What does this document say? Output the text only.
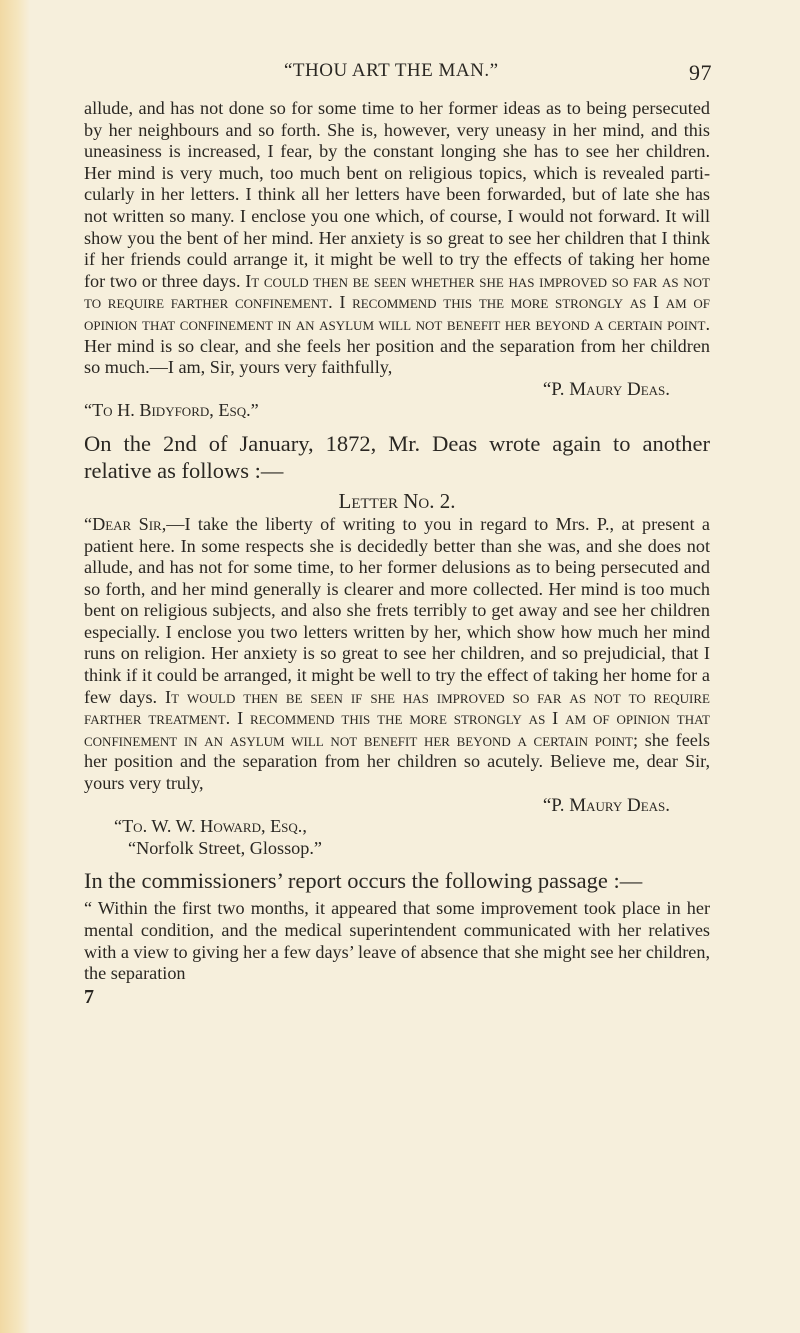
“THOU ART THE MAN.”	97

allude, and has not done so for some time to her former ideas as to being persecuted by her neighbours and so forth. She is, however, very uneasy in her mind, and this uneasiness is increased, I fear, by the constant longing she has to see her children. Her mind is very much, too much bent on religious topics, which is revealed parti-cularly in her letters. I think all her letters have been forwarded, but of late she has not written so many. I enclose you one which, of course, I would not forward. It will show you the bent of her mind. Her anxiety is so great to see her children that I think if her friends could arrange it, it might be well to try the effects of taking her home for two or three days. It could then be seen whether she has improved so far as not to require farther confinement. I recommend this the more strongly as I am of opinion that confinement in an asylum will not benefit her beyond a certain point. Her mind is so clear, and she feels her position and the separation from her children so much.—I am, Sir, yours very faithfully,

“P. Maury Deas.

“To H. Bidyford, Esq.”

On the 2nd of January, 1872, Mr. Deas wrote again to another relative as follows :—

Letter No. 2.

“Dear Sir,—I take the liberty of writing to you in regard to Mrs. P., at present a patient here. In some respects she is decidedly better than she was, and she does not allude, and has not for some time, to her former delusions as to being persecuted and so forth, and her mind generally is clearer and more collected. Her mind is too much bent on religious subjects, and also she frets terribly to get away and see her children especially. I enclose you two letters written by her, which show how much her mind runs on religion. Her anxiety is so great to see her children, and so prejudicial, that I think if it could be arranged, it might be well to try the effect of taking her home for a few days. It would then be seen if she has improved so far as not to require farther treatment. I recommend this the more strongly as I am of opinion that confinement in an asylum will not benefit her beyond a certain point; she feels her position and the separation from her children so acutely. Believe me, dear Sir, yours very truly,

“P. Maury Deas.

“To. W. W. Howard, Esq.,

“Norfolk Street, Glossop.”

In the commissioners’ report occurs the following passage :—

“ Within the first two months, it appeared that some improvement took place in her mental condition, and the medical superintendent communicated with her relatives with a view to giving her a few days’ leave of absence that she might see her children, the separation

7
